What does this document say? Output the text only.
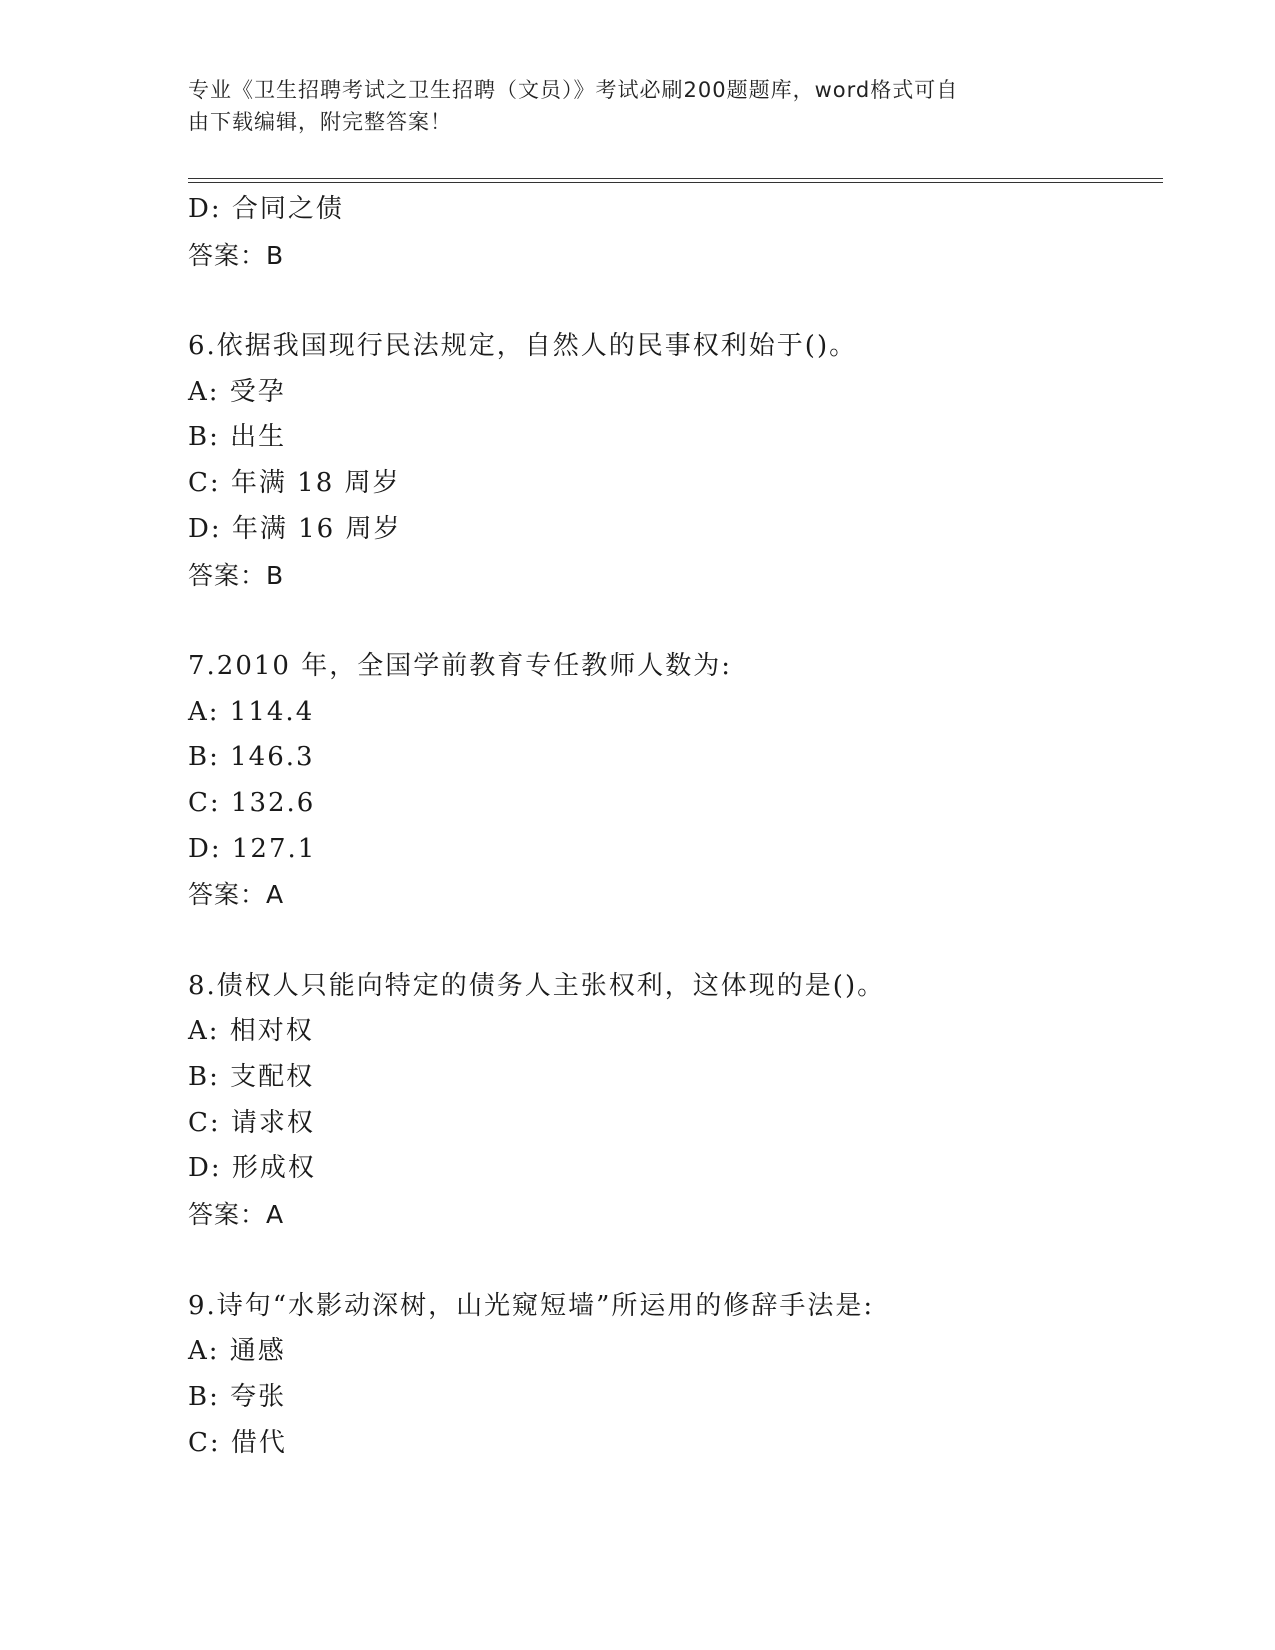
专业《卫生招聘考试之卫生招聘（文员）》考试必刷200题题库，word格式可自
由下载编辑，附完整答案！
D: 合同之债
答案：B
6.依据我国现行民法规定，自然人的民事权利始于()。
A: 受孕
B: 出生
C: 年满 18 周岁
D: 年满 16 周岁
答案：B
7.2010 年，全国学前教育专任教师人数为:
A: 114.4
B: 146.3
C: 132.6
D: 127.1
答案：A
8.债权人只能向特定的债务人主张权利，这体现的是()。
A: 相对权
B: 支配权
C: 请求权
D: 形成权
答案：A
9.诗句“水影动深树，山光窥短墙”所运用的修辞手法是:
A: 通感
B: 夸张
C: 借代
